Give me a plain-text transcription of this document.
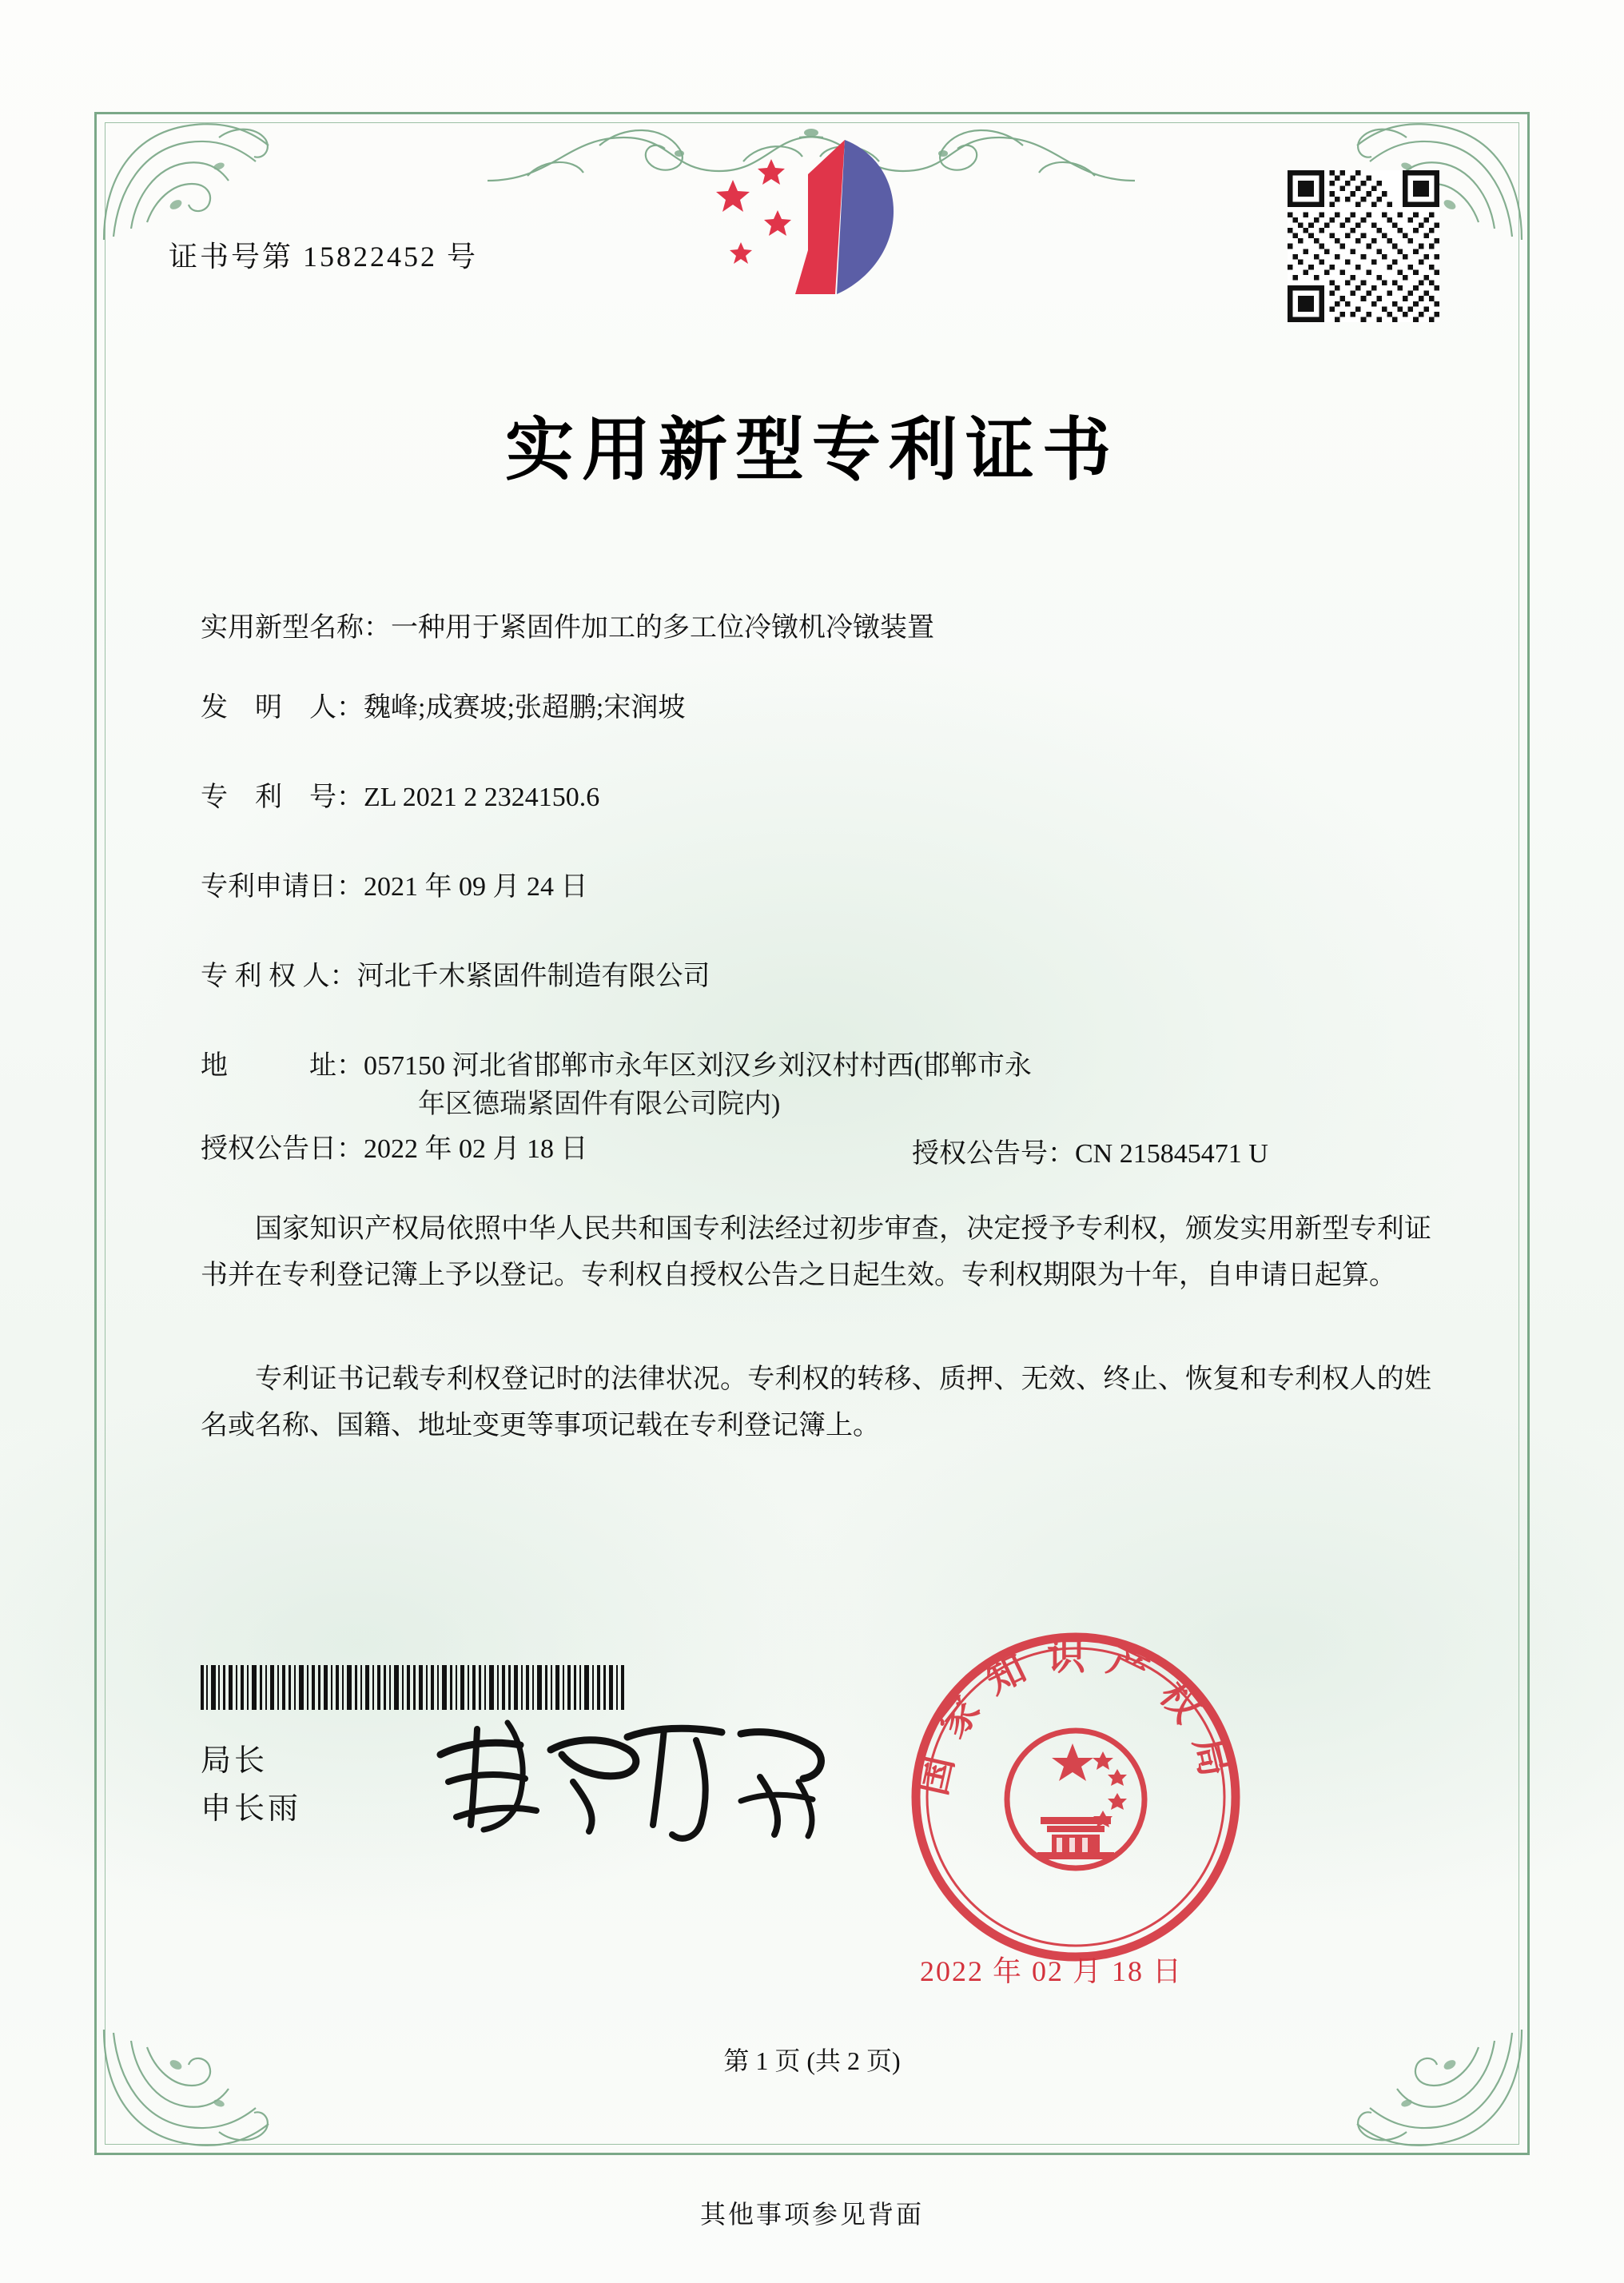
证书号第 15822452 号
实用新型专利证书
实用新型名称：一种用于紧固件加工的多工位冷镦机冷镦装置
发　明　人：魏峰;成赛坡;张超鹏;宋润坡
专　利　号：ZL 2021 2 2324150.6
专利申请日：2021 年 09 月 24 日
专 利 权 人：河北千木紧固件制造有限公司
地　　　址：057150 河北省邯郸市永年区刘汉乡刘汉村村西(邯郸市永
年区德瑞紧固件有限公司院内)
授权公告日：2022 年 02 月 18 日	授权公告号：CN 215845471 U
国家知识产权局依照中华人民共和国专利法经过初步审查，决定授予专利权，颁发实用新型专利证书并在专利登记簿上予以登记。专利权自授权公告之日起生效。专利权期限为十年，自申请日起算。
专利证书记载专利权登记时的法律状况。专利权的转移、质押、无效、终止、恢复和专利权人的姓名或名称、国籍、地址变更等事项记载在专利登记簿上。
局长
申长雨
国家知识产权局
2022 年 02 月 18 日
第 1 页 (共 2 页)
其他事项参见背面
